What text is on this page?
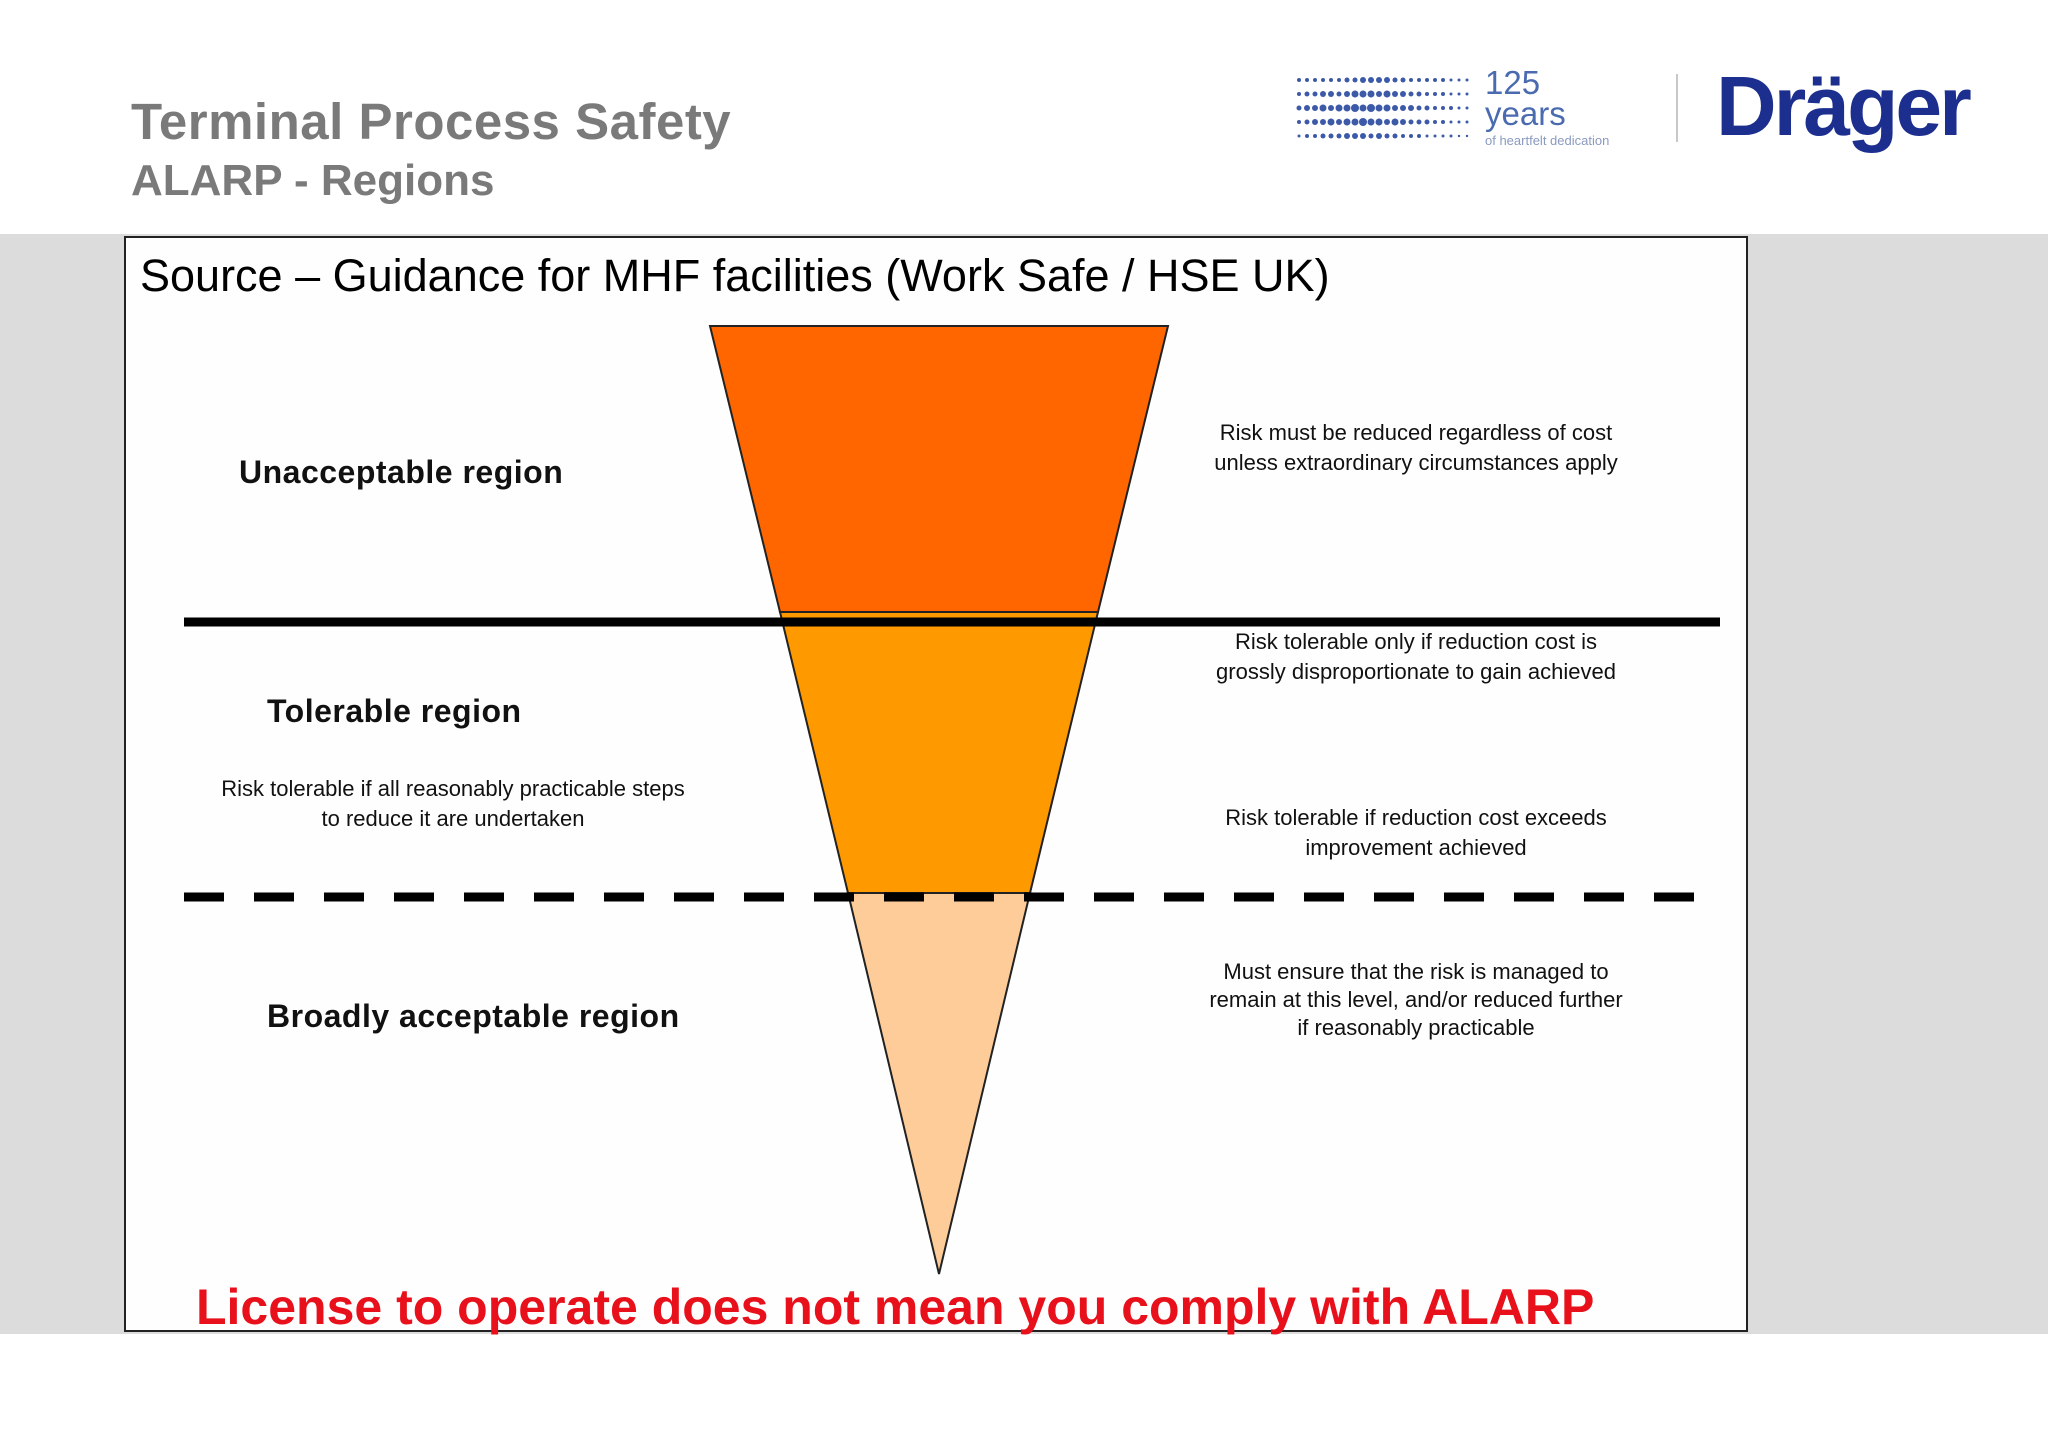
Terminal Process Safety
ALARP - Regions
125
years
of heartfelt dedication Dräger
Source – Guidance for MHF facilities (Work Safe / HSE UK)
Unacceptable region
Tolerable region
Broadly acceptable region
Risk tolerable if all reasonably practicable steps
to reduce it are undertaken
Risk must be reduced regardless of cost
unless extraordinary circumstances apply
Risk tolerable only if reduction cost is
grossly disproportionate to gain achieved
Risk tolerable if reduction cost exceeds
improvement achieved
Must ensure that the risk is managed to
remain at this level, and/or reduced further
if reasonably practicable
License to operate does not mean you comply with ALARP
